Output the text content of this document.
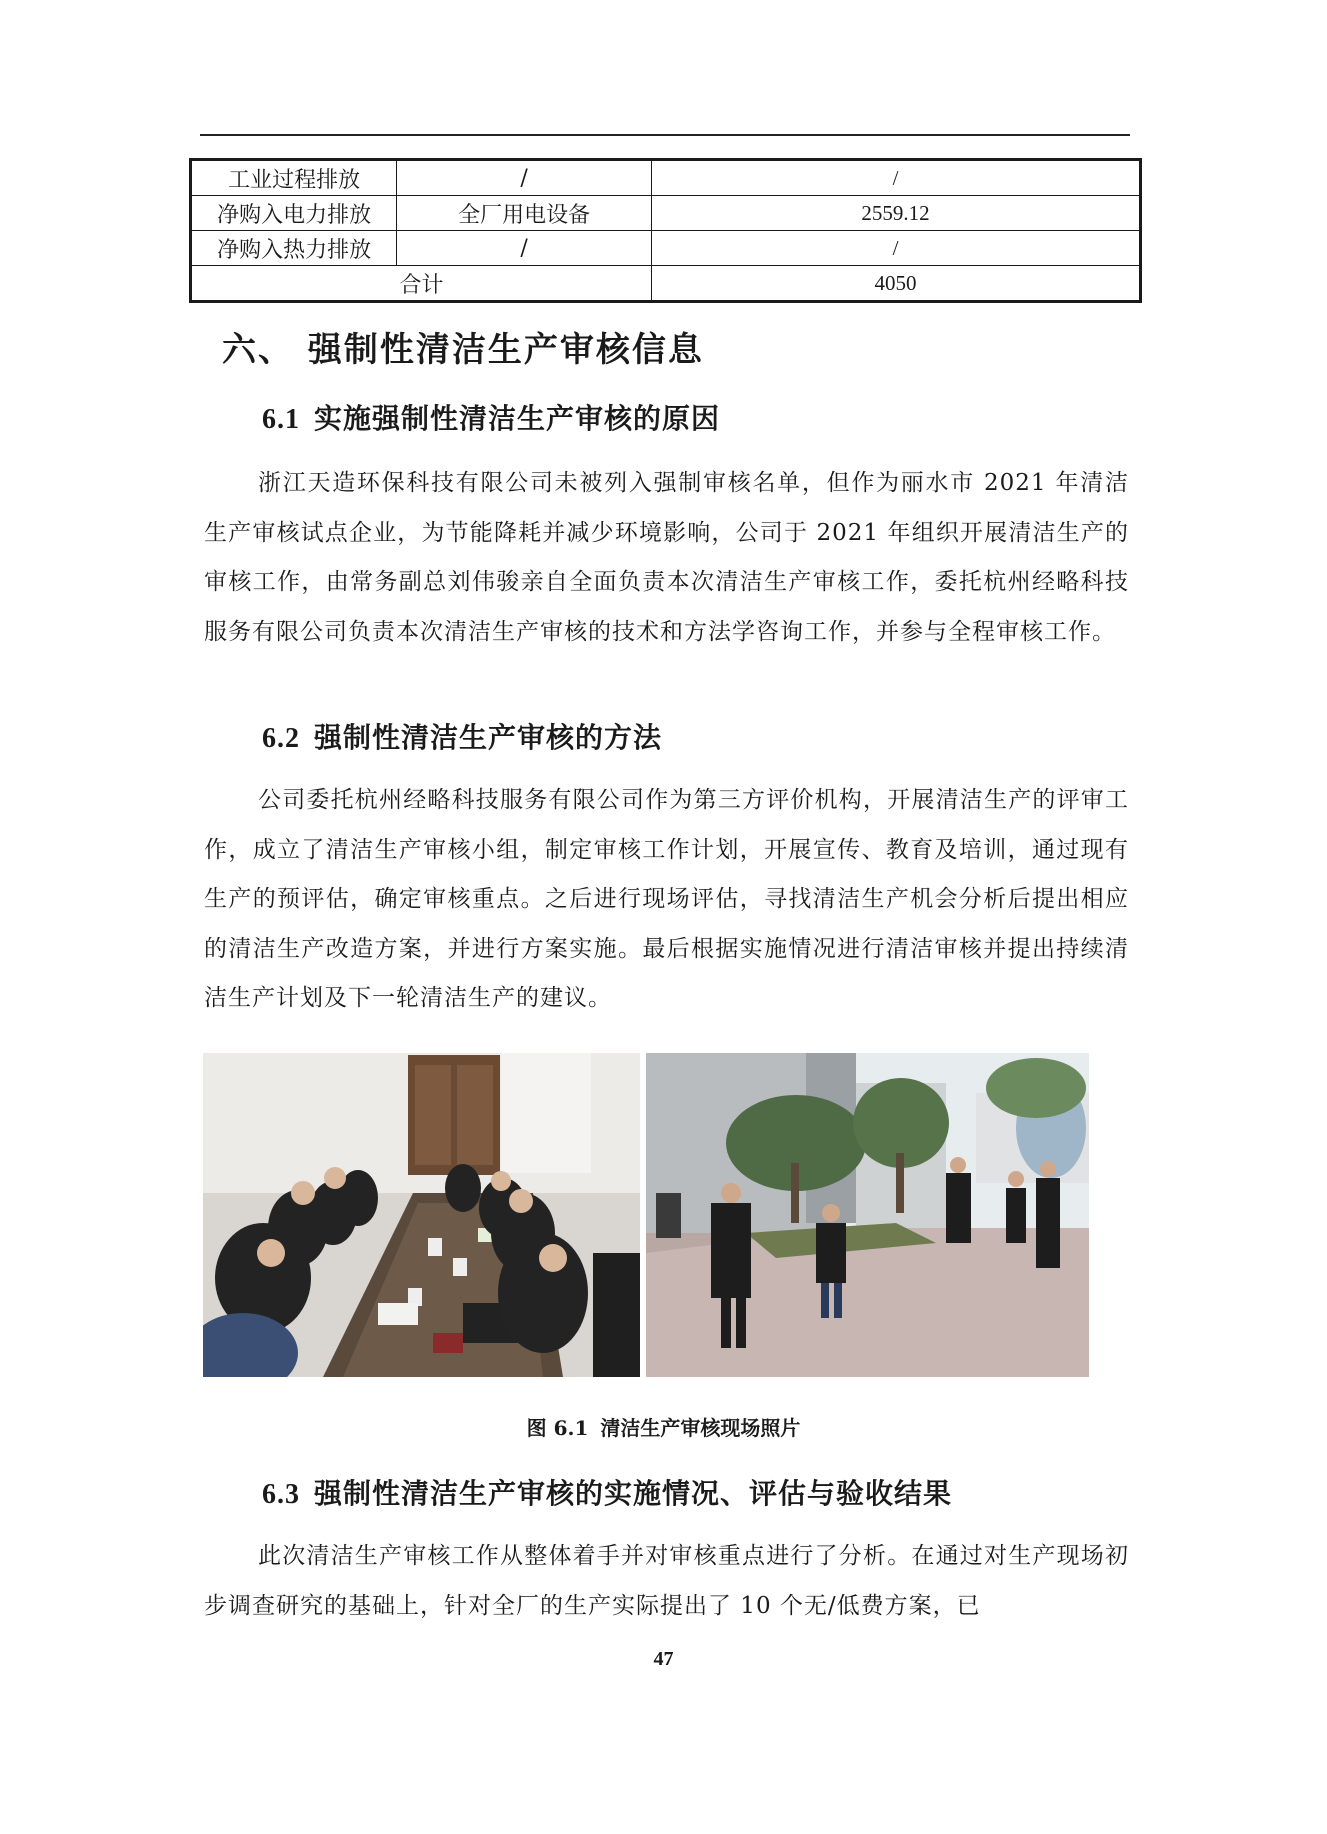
工业过程排放	/	/
净购入电力排放	全厂用电设备	2559.12
净购入热力排放	/	/
合计		4050
六、 强制性清洁生产审核信息
6.1 实施强制性清洁生产审核的原因
浙江天造环保科技有限公司未被列入强制审核名单，但作为丽水市 2021 年清洁生产审核试点企业，为节能降耗并减少环境影响，公司于 2021 年组织开展清洁生产的审核工作，由常务副总刘伟骏亲自全面负责本次清洁生产审核工作，委托杭州经略科技服务有限公司负责本次清洁生产审核的技术和方法学咨询工作，并参与全程审核工作。
6.2 强制性清洁生产审核的方法
公司委托杭州经略科技服务有限公司作为第三方评价机构，开展清洁生产的评审工作，成立了清洁生产审核小组，制定审核工作计划，开展宣传、教育及培训，通过现有生产的预评估，确定审核重点。之后进行现场评估，寻找清洁生产机会分析后提出相应的清洁生产改造方案，并进行方案实施。最后根据实施情况进行清洁审核并提出持续清洁生产计划及下一轮清洁生产的建议。
图 6.1 清洁生产审核现场照片
6.3 强制性清洁生产审核的实施情况、评估与验收结果
此次清洁生产审核工作从整体着手并对审核重点进行了分析。在通过对生产现场初步调查研究的基础上，针对全厂的生产实际提出了 10 个无/低费方案，已
47
